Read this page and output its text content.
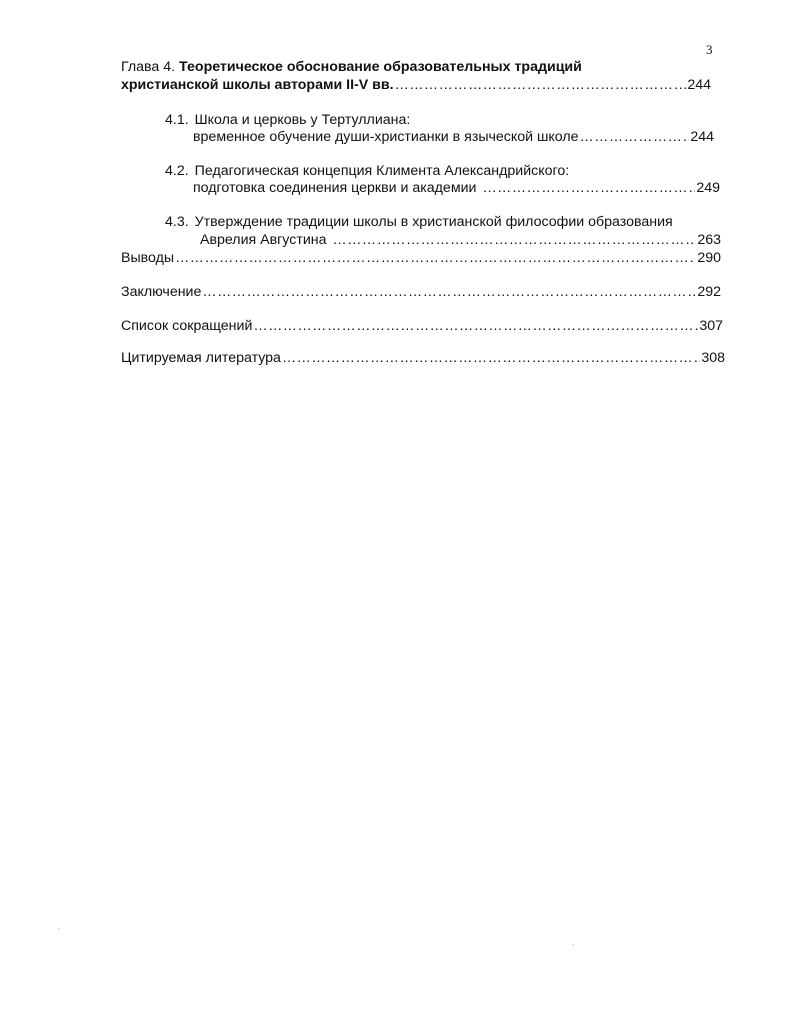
3
Глава 4. Теоретическое обоснование образовательных традиций
христианской школы авторами II-V вв. …………………………………………………………………………………………………………………………………………………………………………………………	244
4.1. Школа и церковь у Тертуллиана:
временное обучение души-христианки в языческой школе …………………………………………………………………………………………………………………………………………………………………………………………	244
4.2. Педагогическая концепция Климента Александрийского:
подготовка соединения церкви и академии …………………………………………………………………………………………………………………………………………………………………………………………	249
4.3. Утверждение традиции школы в христианской философии образования
Аврелия Августина …………………………………………………………………………………………………………………………………………………………………………………………	263
Выводы …………………………………………………………………………………………………………………………………………………………………………………………	290
Заключение …………………………………………………………………………………………………………………………………………………………………………………………	292
Список сокращений …………………………………………………………………………………………………………………………………………………………………………………………	307
Цитируемая литература …………………………………………………………………………………………………………………………………………………………………………………………	308
